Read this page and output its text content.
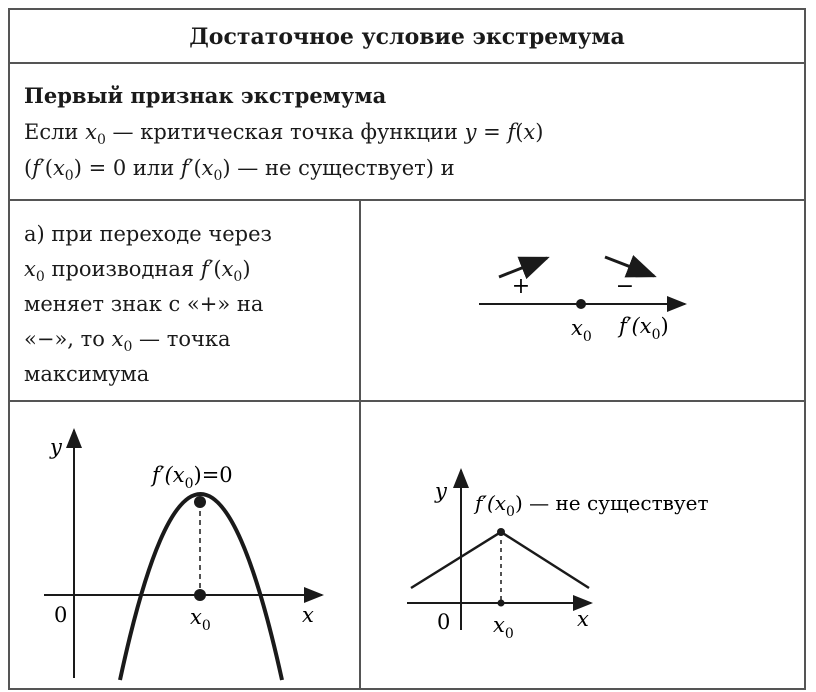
Достаточное условие экстремума
Первый признак экстремума
Если $x_0$ — критическая точка функции y = f(x)
($f'(x_0) = 0$ или $f'(x_0)$ — не существует) и
а) при переходе через
$x_0$ производная $f'(x_0)$
меняет знак с «+» на
«−», то $x_0$ — точка
максимума
+	−
$x_0$ $f'(x_0)$
y
x
0	$x_0$
$f'(x_0)=0$
y
x
0 $x_0$
$f'(x_0)$ — не существует
